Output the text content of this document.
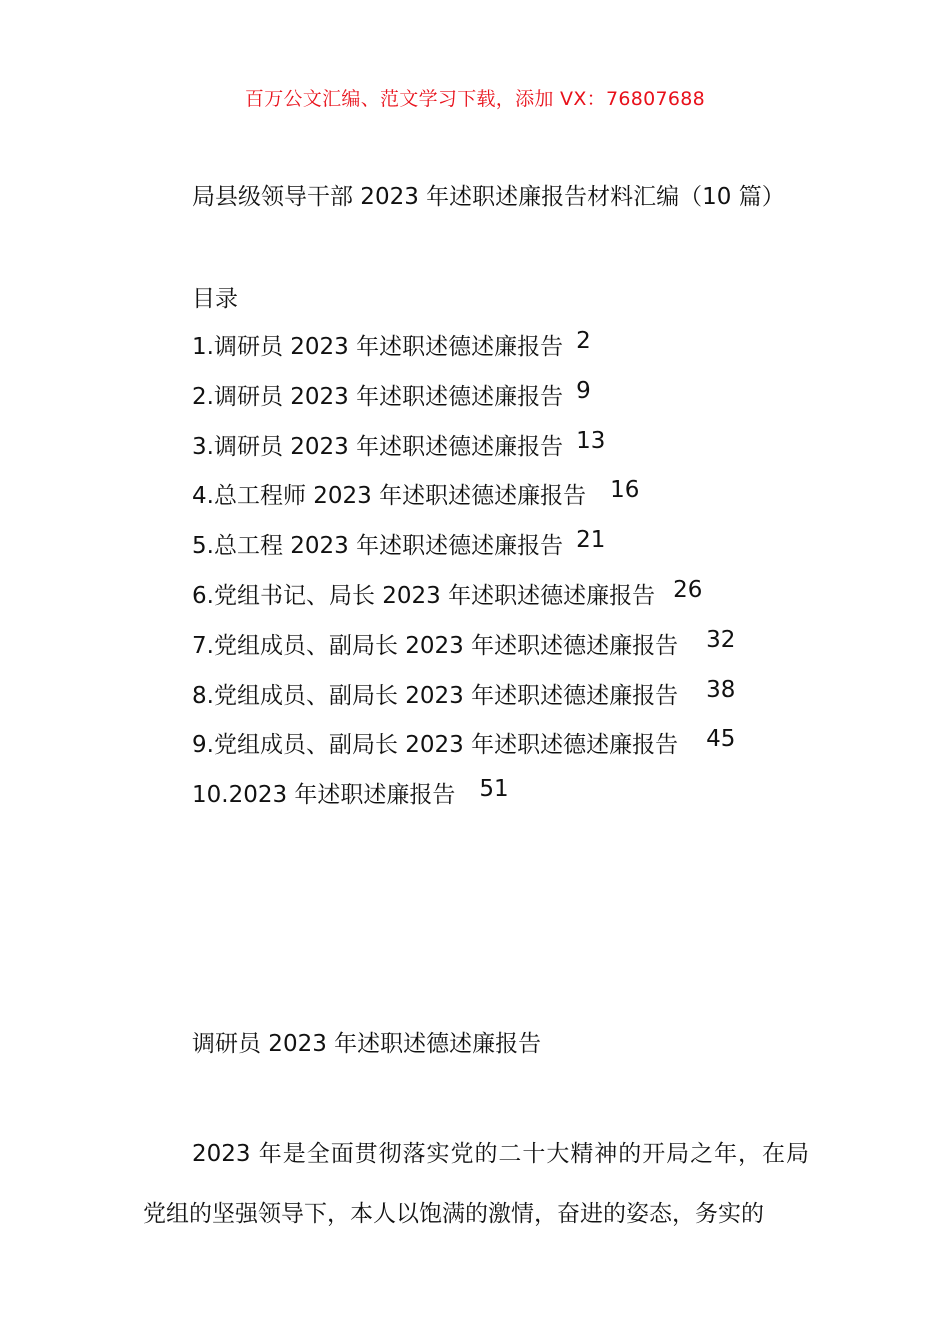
百万公文汇编、范文学习下载，添加 VX：76807688
局县级领导干部 2023 年述职述廉报告材料汇编（10 篇）
目录
1.调研员 2023 年述职述德述廉报告 2
2.调研员 2023 年述职述德述廉报告 9
3.调研员 2023 年述职述德述廉报告 13
4.总工程师 2023 年述职述德述廉报告 16
5.总工程 2023 年述职述德述廉报告 21
6.党组书记、局长 2023 年述职述德述廉报告 26
7.党组成员、副局长 2023 年述职述德述廉报告 32
8.党组成员、副局长 2023 年述职述德述廉报告 38
9.党组成员、副局长 2023 年述职述德述廉报告 45
10.2023 年述职述廉报告 51
调研员 2023 年述职述德述廉报告

2023 年是全面贯彻落实党的二十大精神的开局之年，在局党组的坚强领导下，本人以饱满的激情，奋进的姿态，务实的
